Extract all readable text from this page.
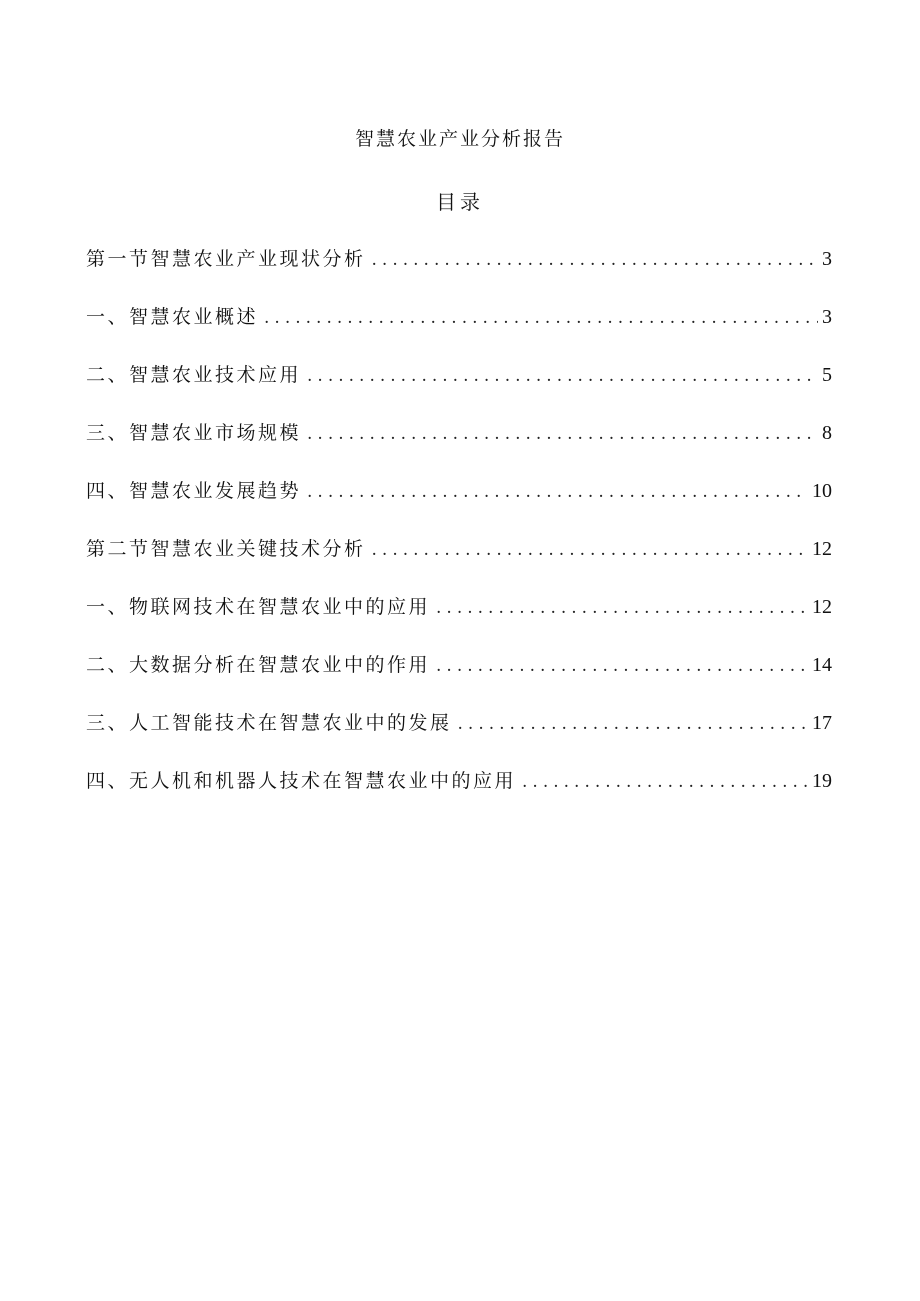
智慧农业产业分析报告
目录
第一节智慧农业产业现状分析 .....	3
一、智慧农业概述 .....	3
二、智慧农业技术应用 .....	5
三、智慧农业市场规模 .....	8
四、智慧农业发展趋势 .....	10
第二节智慧农业关键技术分析 .....	12
一、物联网技术在智慧农业中的应用 .....	12
二、大数据分析在智慧农业中的作用 .....	14
三、人工智能技术在智慧农业中的发展 .....	17
四、无人机和机器人技术在智慧农业中的应用 .....	19
